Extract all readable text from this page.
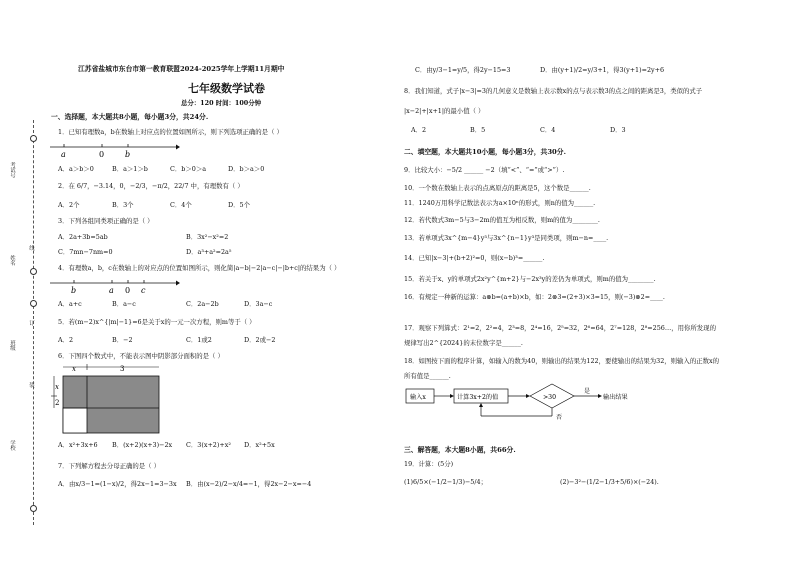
考试号
姓名
班级
学校
线
订
装
江苏省盐城市东台市第一教育联盟2024-2025学年上学期11月期中
七年级数学试卷
总分：120 时间：100分钟
一、选择题，本大题共8小题，每小题3分，共24分.
1．已知有理数a，b在数轴上对应点的位置如图所示，则下列选项正确的是（ ）
a	0	b
A．a＞b＞0	B．a＞1＞b	C．b＞0＞a	D．b＞a＞0
2．在 6/7，−3.14，0，−2/3，−π/2，22/7 中，有理数有（ ）
A．2个	B．3个	C．4个	D．5个
3．下列各组同类项正确的是（ ）
A．2a+3b=5ab	B．3x²−x²=2
C．7mn−7nm=0	D．a³+a²=2a⁵
4．有理数a，b，c在数轴上的对应点的位置如图所示，则化简|a−b|−2|a−c|−|b+c|的结果为（ ）
b	a 0 c
A．a+c	B．a−c	C．2a−2b	D．3a−c
5．若(m−2)x^{|m|−1}=6是关于x的一元一次方程，则m等于（ ）
A．2	B．−2	C．1或2	D．2或−2
6．下图四个数式中，不能表示图中阴影部分面积的是（ ）
x	3
x
2
A．x²+3x+6 B．(x+2)(x+3)−2x C．3(x+2)+x² D．x²+5x
7．下列解方程去分母正确的是（ ）
A．由x/3−1=(1−x)/2，得2x−1=3−3x B．由(x−2)/2−x/4=−1，得2x−2−x=−4
C．由y/3−1=y/5，得2y−15=3	D．由(y+1)/2=y/3+1，得3(y+1)=2y+6
8．我们知道，式子|x−3|=3的几何意义是数轴上表示数x的点与表示数3的点之间的距离是3，类似的式子
|x−2|+|x+1|的最小值（ ）
A．2	B．5	C．4	D．3
二、填空题，本大题共10小题，每小题3分，共30分.
9．比较大小：−5/2 ______ −2（填“<”、“=”或“>”）.
10．一个数在数轴上表示的点离原点的距离是5，这个数是______.
11．1240万用科学记数法表示为a×10ⁿ的形式，则n的值为______.
12．若代数式3m−5与3−2m的值互为相反数，则m的值为________.
13．若单项式3x^{m−4}y³与3x^{n−1}y³是同类项，则m−n=____.
14．已知|x−3|+(b+2)²=0，则(x−b)³=______.
15．若关于x、y的单项式2x²y^{m+2}与−2x³y的差仍为单项式，则m的值为________.
16．有规定一种新的运算：a⊗b=(a+b)×b，如：2⊗3=(2+3)×3=15，则(−3)⊗2=____.
17．观察下列算式：2¹=2，2²=4，2³=8，2⁴=16，2⁵=32，2⁶=64，2⁷=128，2⁸=256…，用你所发现的
规律写出2^{2024}的末位数字是______.
18．如图按下面的程序计算，如输入的数为40，则输出的结果为122，要使输出的结果为32，则输入的正数x的
所有值是______.
输入x	计算3x+2的值	>30
是
输出结果
否
三、解答题，本大题8小题，共66分.
19．计算：(5分)
(1)6/5×(−1/2−1/3)−5/4；	(2)−3²−(1/2−1/3+5/6)×(−24).
